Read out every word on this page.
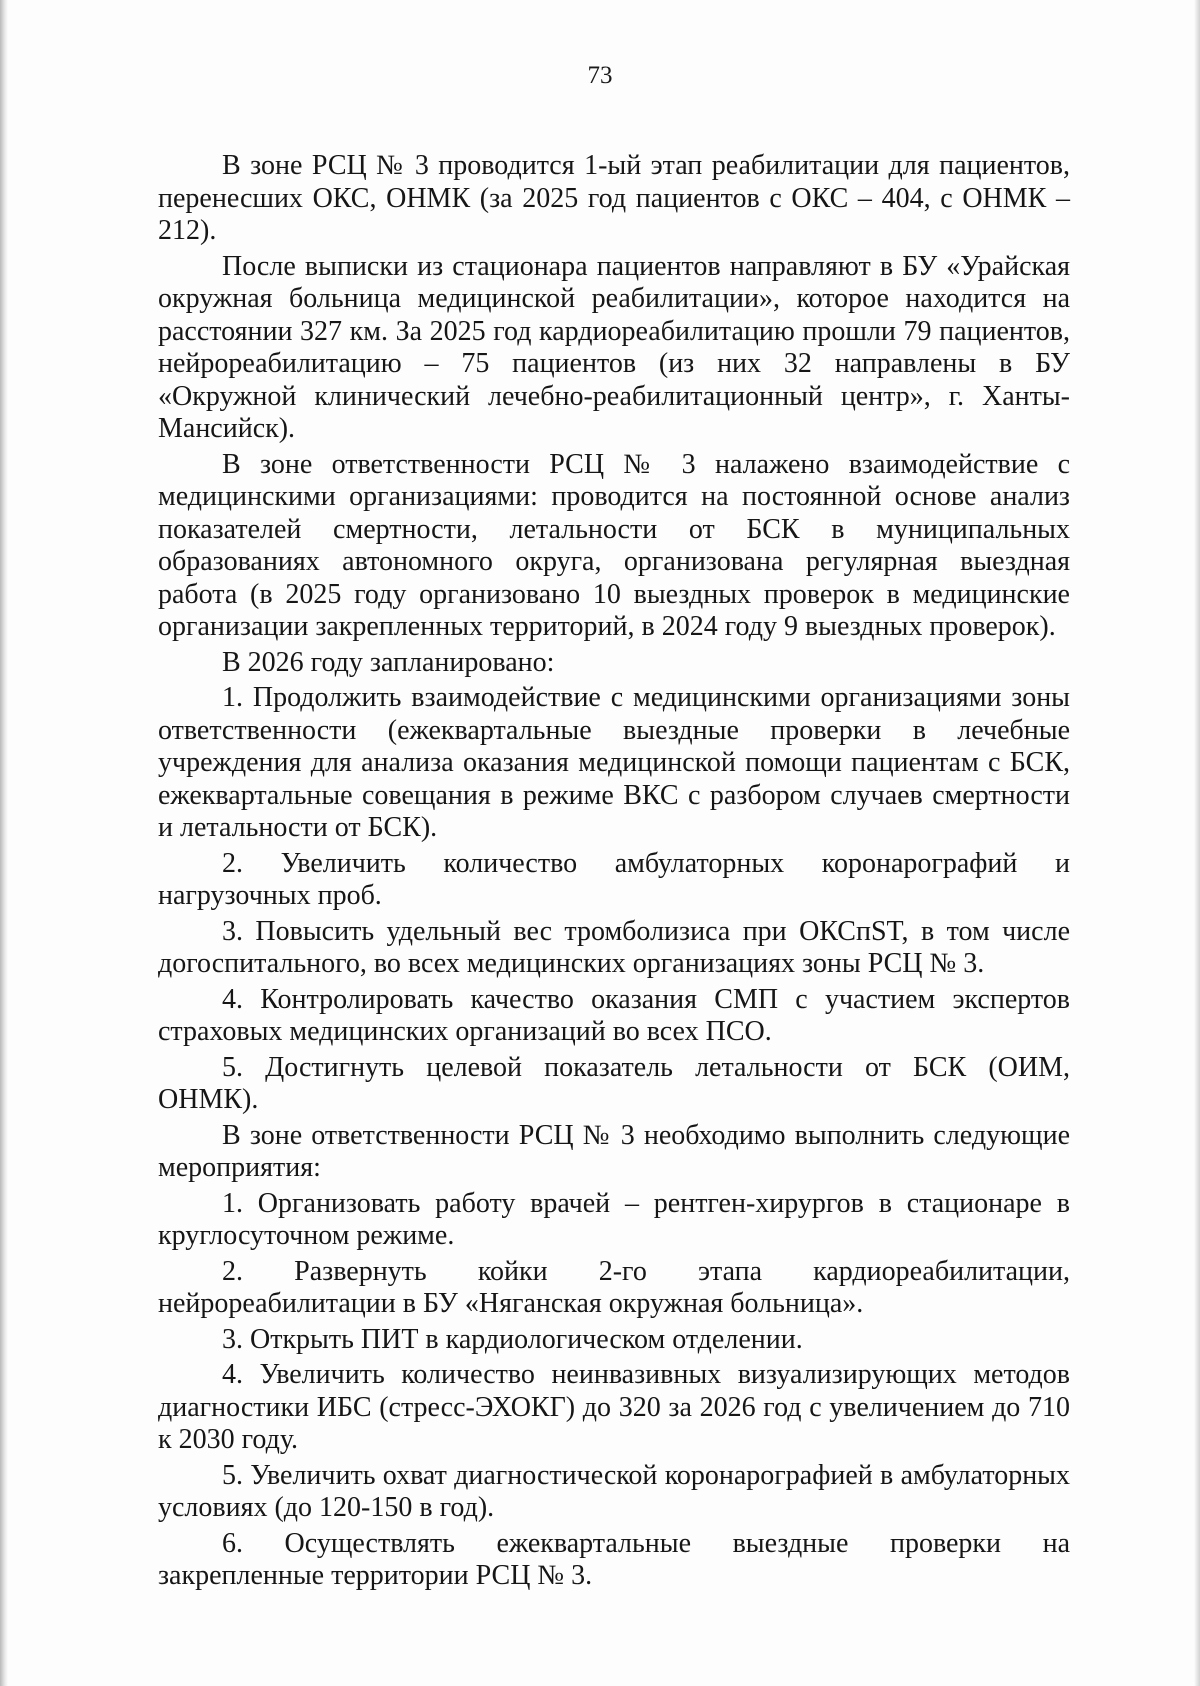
73

В зоне РСЦ № 3 проводится 1-ый этап реабилитации для пациентов, перенесших ОКС, ОНМК (за 2025 год пациентов с ОКС – 404, с ОНМК – 212).

После выписки из стационара пациентов направляют в БУ «Урайская окружная больница медицинской реабилитации», которое находится на расстоянии 327 км. За 2025 год кардиореабилитацию прошли 79 пациентов, нейрореабилитацию – 75 пациентов (из них 32 направлены в БУ «Окружной клинический лечебно-реабилитационный центр», г. Ханты-Мансийск).

В зоне ответственности РСЦ № 3 налажено взаимодействие с медицинскими организациями: проводится на постоянной основе анализ показателей смертности, летальности от БСК в муниципальных образованиях автономного округа, организована регулярная выездная работа (в 2025 году организовано 10 выездных проверок в медицинские организации закрепленных территорий, в 2024 году 9 выездных проверок).

В 2026 году запланировано:

1. Продолжить взаимодействие с медицинскими организациями зоны ответственности (ежеквартальные выездные проверки в лечебные учреждения для анализа оказания медицинской помощи пациентам с БСК, ежеквартальные совещания в режиме ВКС с разбором случаев смертности и летальности от БСК).

2. Увеличить количество амбулаторных коронарографий и нагрузочных проб.

3. Повысить удельный вес тромболизиса при ОКСпST, в том числе догоспитального, во всех медицинских организациях зоны РСЦ № 3.

4. Контролировать качество оказания СМП с участием экспертов страховых медицинских организаций во всех ПСО.

5. Достигнуть целевой показатель летальности от БСК (ОИМ, ОНМК).

В зоне ответственности РСЦ № 3 необходимо выполнить следующие мероприятия:

1. Организовать работу врачей – рентген-хирургов в стационаре в круглосуточном режиме.

2. Развернуть койки 2-го этапа кардиореабилитации, нейрореабилитации в БУ «Няганская окружная больница».

3. Открыть ПИТ в кардиологическом отделении.

4. Увеличить количество неинвазивных визуализирующих методов диагностики ИБС (стресс-ЭХОКГ) до 320 за 2026 год с увеличением до 710 к 2030 году.

5. Увеличить охват диагностической коронарографией в амбулаторных условиях (до 120-150 в год).

6. Осуществлять ежеквартальные выездные проверки на закрепленные территории РСЦ № 3.
